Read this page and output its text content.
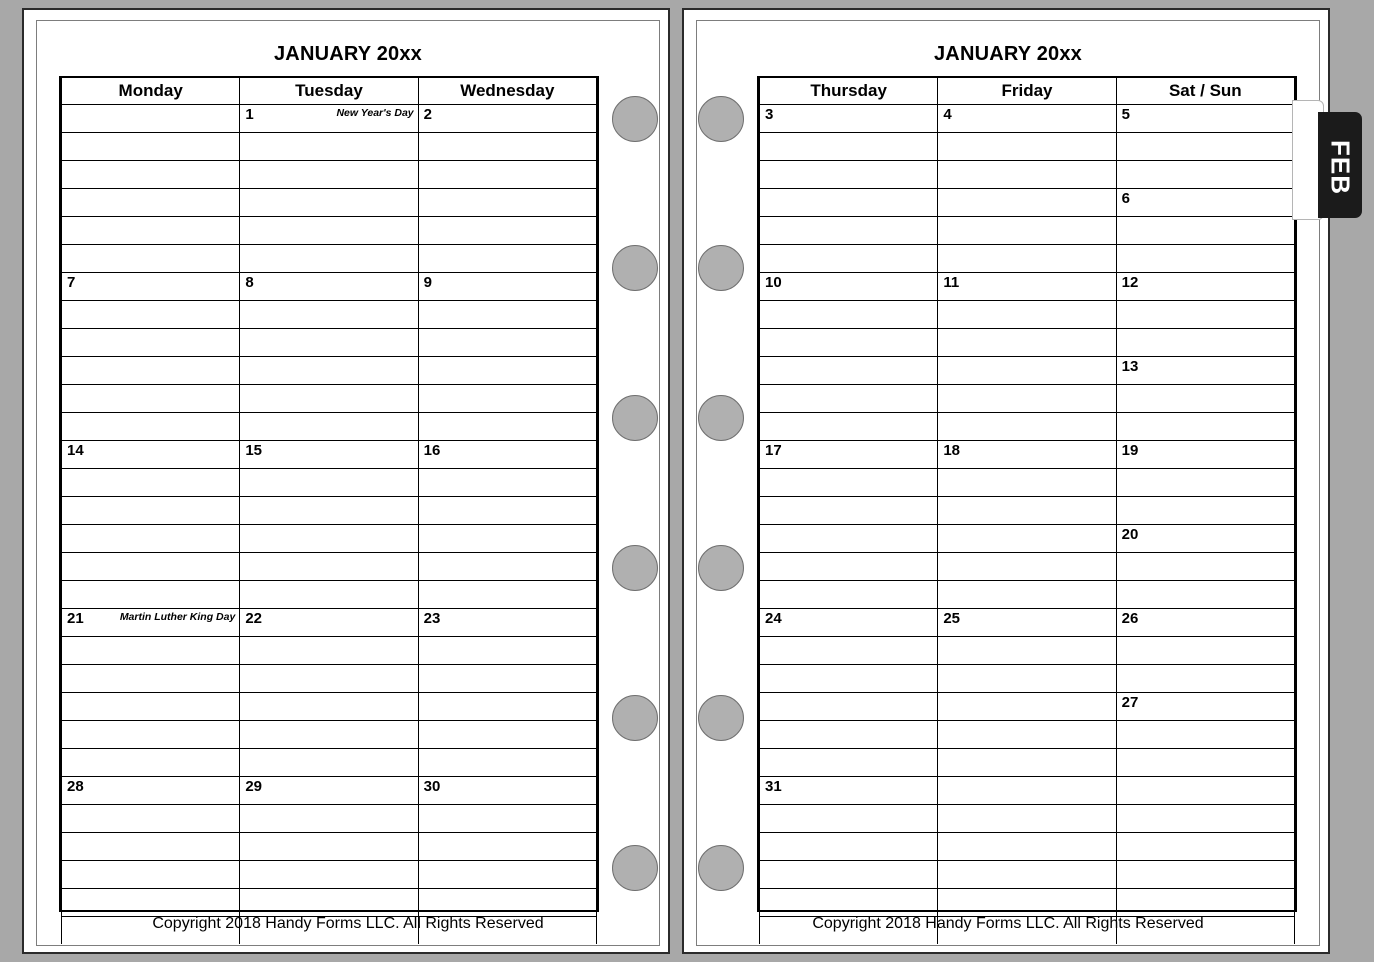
JANUARY 20xx
Monday	Tuesday	Wednesday

	1 New Year's Day	2

7	8	9

14	15	16

21 Martin Luther King Day	22	23

28	29	30

Copyright 2018 Handy Forms LLC. All Rights Reserved
JANUARY 20xx
Thursday	Friday	Sat / Sun

3	4	5

		6

10	11	12

		13

17	18	19

		20

24	25	26

		27

31		

Copyright 2018 Handy Forms LLC. All Rights Reserved
FEB
